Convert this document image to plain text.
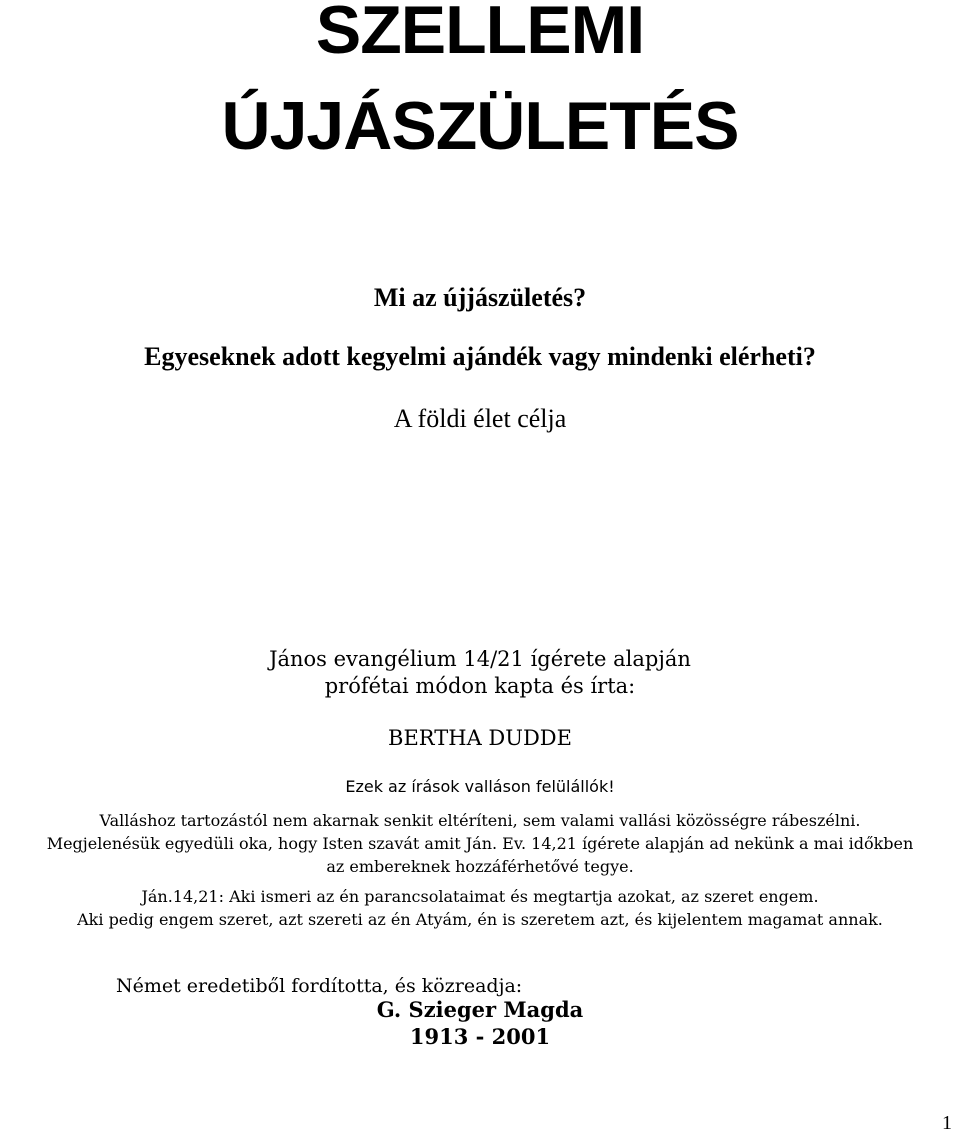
SZELLEMI
ÚJJÁSZÜLETÉS
Mi az újjászületés?
Egyeseknek adott kegyelmi ajándék vagy mindenki elérheti?
A földi élet célja
János evangélium 14/21 ígérete alapján
prófétai módon kapta és írta:
BERTHA DUDDE
Ezek az írások valláson felülállók!
Valláshoz tartozástól nem akarnak senkit eltéríteni, sem valami vallási közösségre rábeszélni.
Megjelenésük egyedüli oka, hogy Isten szavát amit Ján. Ev. 14,21 ígérete alapján ad nekünk a mai időkben
az embereknek hozzáférhetővé tegye.
Ján.14,21: Aki ismeri az én parancsolataimat és megtartja azokat, az szeret engem.
Aki pedig engem szeret, azt szereti az én Atyám, én is szeretem azt, és kijelentem magamat annak.
Német eredetiből fordította, és közreadja:
G. Szieger Magda
1913 - 2001
1
